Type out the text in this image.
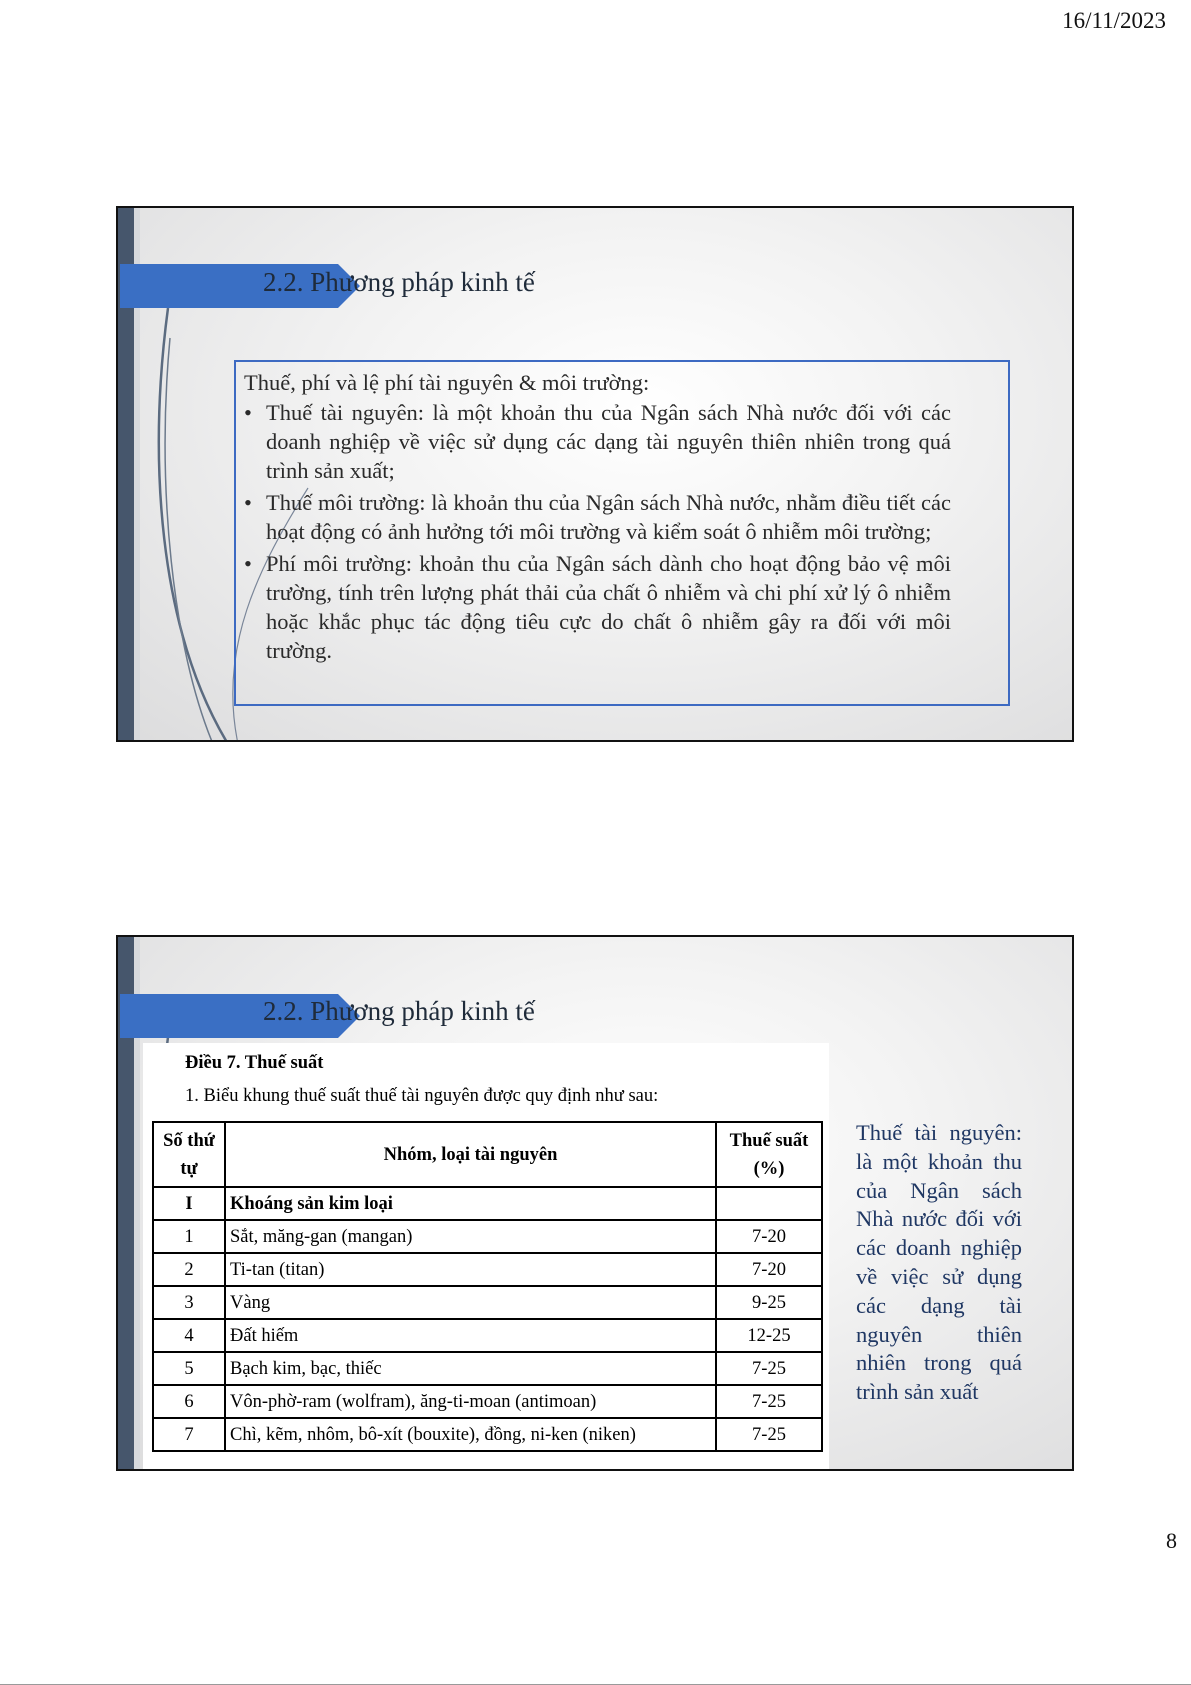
16/11/2023
2.2. Phương pháp kinh tế
Thuế, phí và lệ phí tài nguyên & môi trường:
• Thuế tài nguyên: là một khoản thu của Ngân sách Nhà nước đối với các doanh nghiệp về việc sử dụng các dạng tài nguyên thiên nhiên trong quá trình sản xuất;
• Thuế môi trường: là khoản thu của Ngân sách Nhà nước, nhằm điều tiết các hoạt động có ảnh hưởng tới môi trường và kiểm soát ô nhiễm môi trường;
• Phí môi trường: khoản thu của Ngân sách dành cho hoạt động bảo vệ môi trường, tính trên lượng phát thải của chất ô nhiễm và chi phí xử lý ô nhiễm hoặc khắc phục tác động tiêu cực do chất ô nhiễm gây ra đối với môi trường.
2.2. Phương pháp kinh tế
Điều 7. Thuế suất
1. Biểu khung thuế suất thuế tài nguyên được quy định như sau:
Số thứ tự	Nhóm, loại tài nguyên	Thuế suất (%)
I	Khoáng sản kim loại	
1	Sắt, măng-gan (mangan)	7-20
2	Ti-tan (titan)	7-20
3	Vàng	9-25
4	Đất hiếm	12-25
5	Bạch kim, bạc, thiếc	7-25
6	Vôn-phờ-ram (wolfram), ăng-ti-moan (antimoan)	7-25
7	Chì, kẽm, nhôm, bô-xít (bouxite), đồng, ni-ken (niken)	7-25
Thuế tài nguyên: là một khoản thu của Ngân sách Nhà nước đối với các doanh nghiệp về việc sử dụng các dạng tài nguyên thiên nhiên trong quá trình sản xuất
8
